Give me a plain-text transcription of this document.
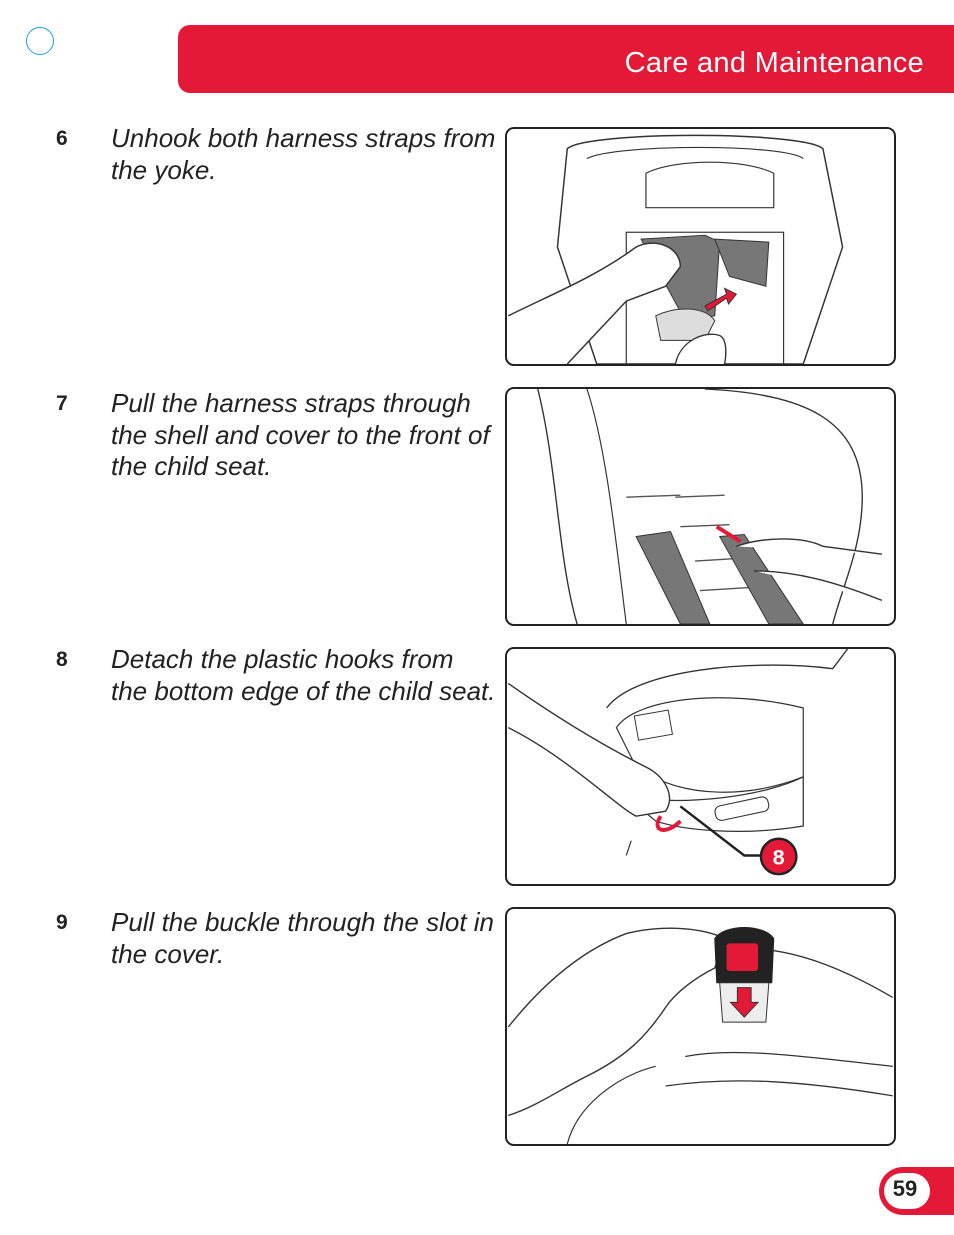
Care and Maintenance
6 Unhook both harness straps from the yoke.
7 Pull the harness straps through the shell and cover to the front of the child seat.
8 Detach the plastic hooks from the bottom edge of the child seat.
8
9 Pull the buckle through the slot in the cover.
59
